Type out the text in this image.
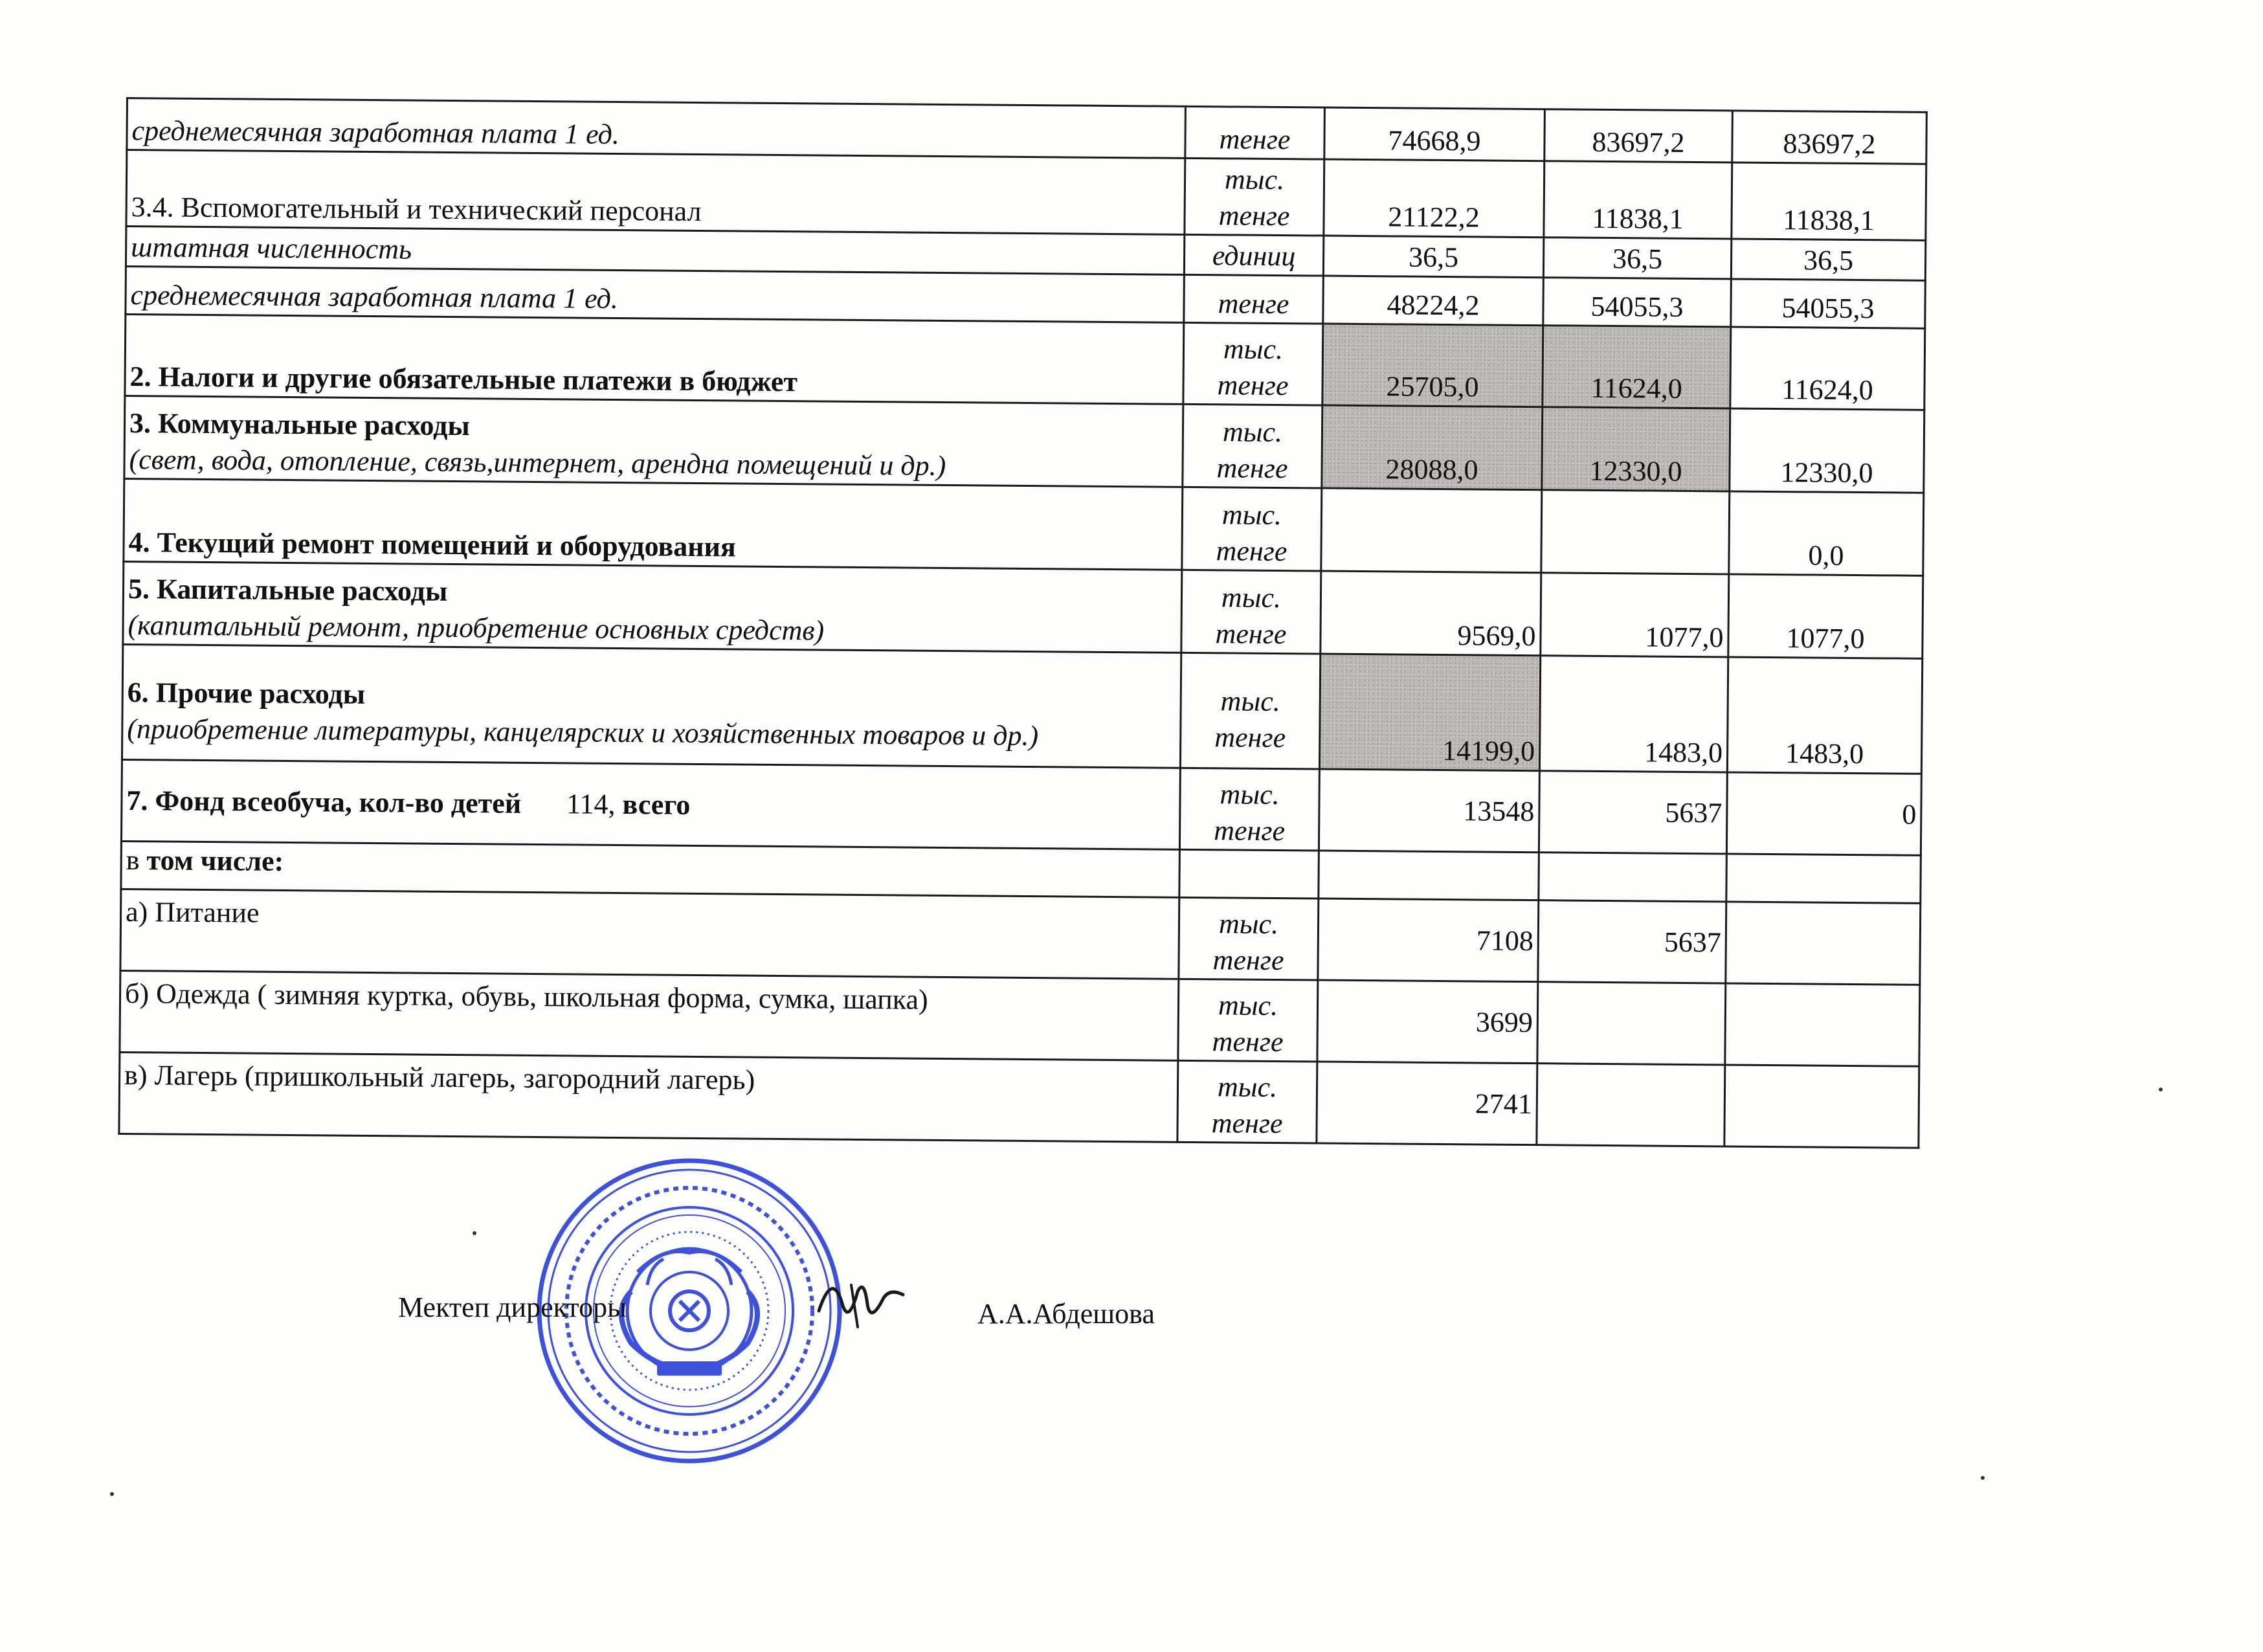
среднемесячная заработная плата 1 ед.	тенге	74668,9	83697,2	83697,2
3.4. Вспомогательный и технический персонал	тыс.
тенге	21122,2	11838,1	11838,1
штатная численность	единиц	36,5	36,5	36,5
среднемесячная заработная плата 1 ед.	тенге	48224,2	54055,3	54055,3
2. Налоги и другие обязательные платежи в бюджет	тыс.
тенге	25705,0	11624,0	11624,0

3. Коммунальные расходы
(свет, вода, отопление, связь,интернет, арендна помещений и др.)	тыс.
тенге	28088,0	12330,0	12330,0
4. Текущий ремонт помещений и оборудования	тыс.
тенге			0,0

5. Капитальные расходы
(капитальный ремонт, приобретение основных средств)	тыс.
тенге	9569,0	1077,0	1077,0

6. Прочие расходы
(приобретение литературы, канцелярских и хозяйственных товаров и др.)	тыс.
тенге	14199,0	1483,0	1483,0
7. Фонд всеобуча, кол-во детей 114, всего	тыс.
тенге	13548	5637	0
в том числе:				
а) Питание	тыс.
тенге	7108	5637	
б) Одежда ( зимняя куртка, обувь, школьная форма, сумка, шапка)	тыс.
тенге	3699		
в) Лагерь (пришкольный лагерь, загородний лагерь)	тыс.
тенге	2741		
Мектеп директоры	А.А.Абдешова
